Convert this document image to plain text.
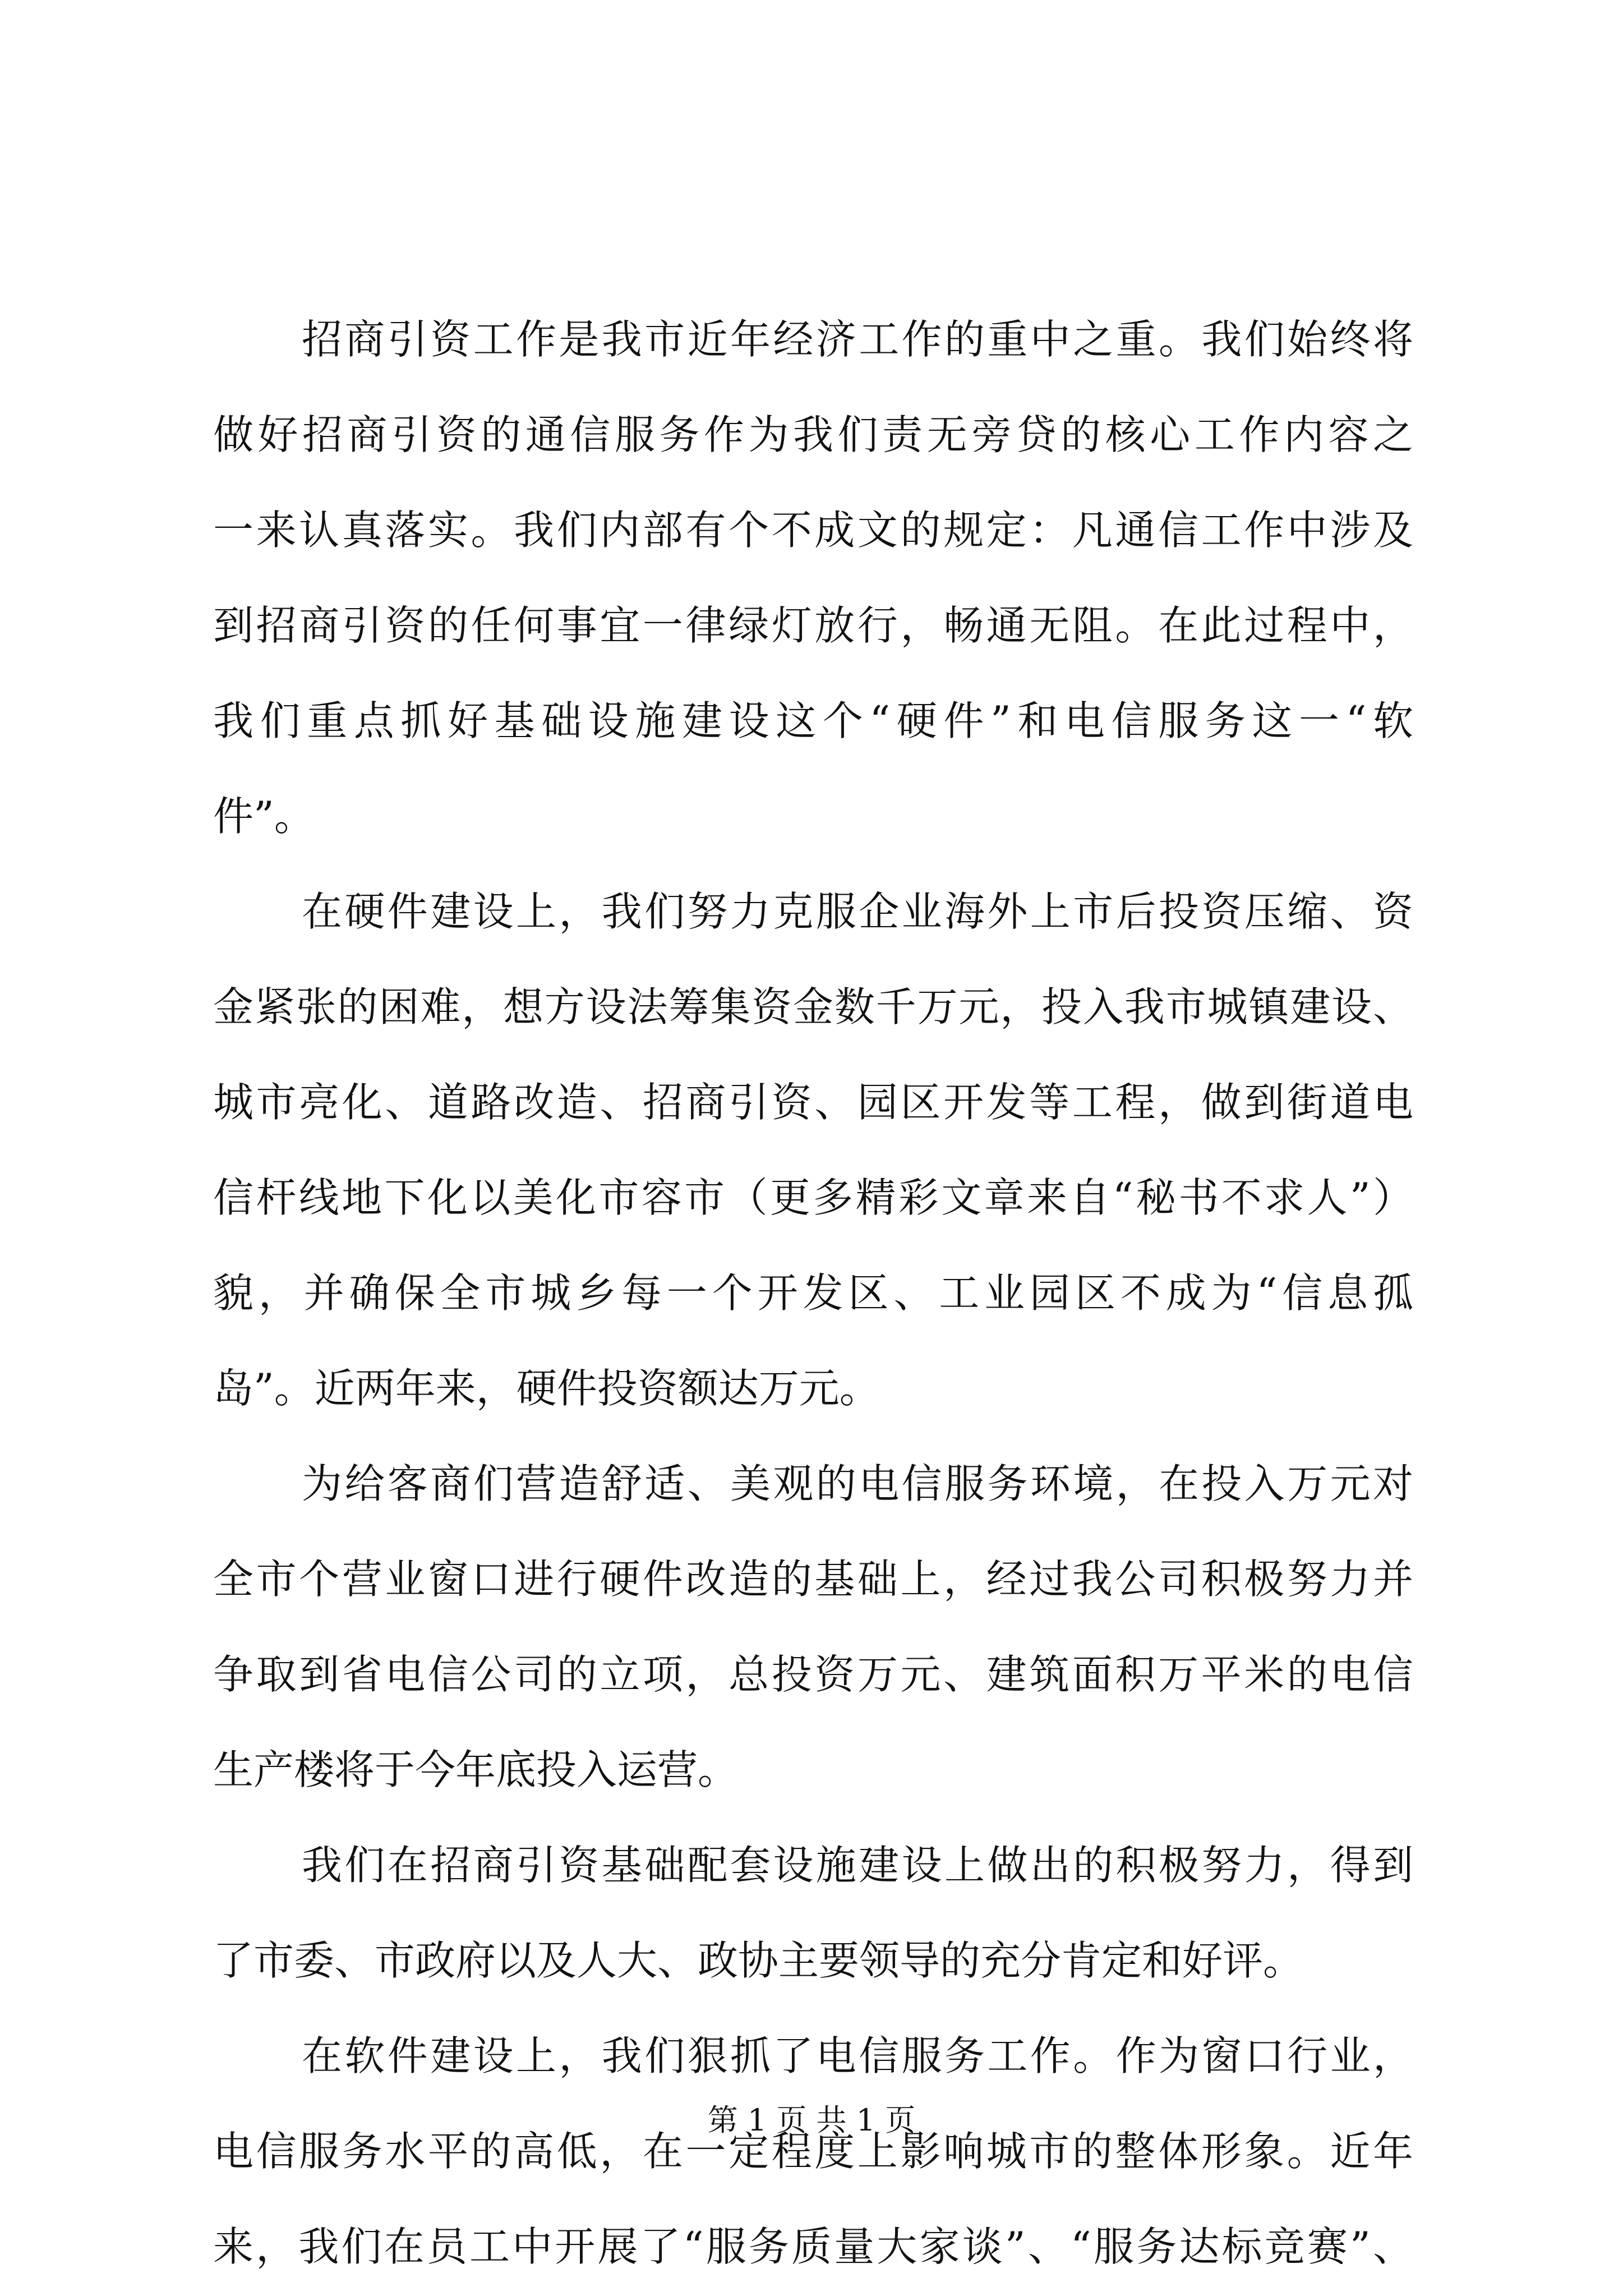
招商引资工作是我市近年经济工作的重中之重。我们始终将
做好招商引资的通信服务作为我们责无旁贷的核心工作内容之
一来认真落实。我们内部有个不成文的规定：凡通信工作中涉及
到招商引资的任何事宜一律绿灯放行，畅通无阻。在此过程中，
我们重点抓好基础设施建设这个“硬件”和电信服务这一“软
件”。
在硬件建设上，我们努力克服企业海外上市后投资压缩、资
金紧张的困难，想方设法筹集资金数千万元，投入我市城镇建设、
城市亮化、道路改造、招商引资、园区开发等工程，做到街道电
信杆线地下化以美化市容市（更多精彩文章来自“秘书不求人”）
貌，并确保全市城乡每一个开发区、工业园区不成为“信息孤
岛”。近两年来，硬件投资额达万元。
为给客商们营造舒适、美观的电信服务环境，在投入万元对
全市个营业窗口进行硬件改造的基础上，经过我公司积极努力并
争取到省电信公司的立项，总投资万元、建筑面积万平米的电信
生产楼将于今年底投入运营。
我们在招商引资基础配套设施建设上做出的积极努力，得到
了市委、市政府以及人大、政协主要领导的充分肯定和好评。
在软件建设上，我们狠抓了电信服务工作。作为窗口行业，
电信服务水平的高低，在一定程度上影响城市的整体形象。近年
来，我们在员工中开展了“服务质量大家谈”、“服务达标竞赛”、
第 1 页 共 1 页
